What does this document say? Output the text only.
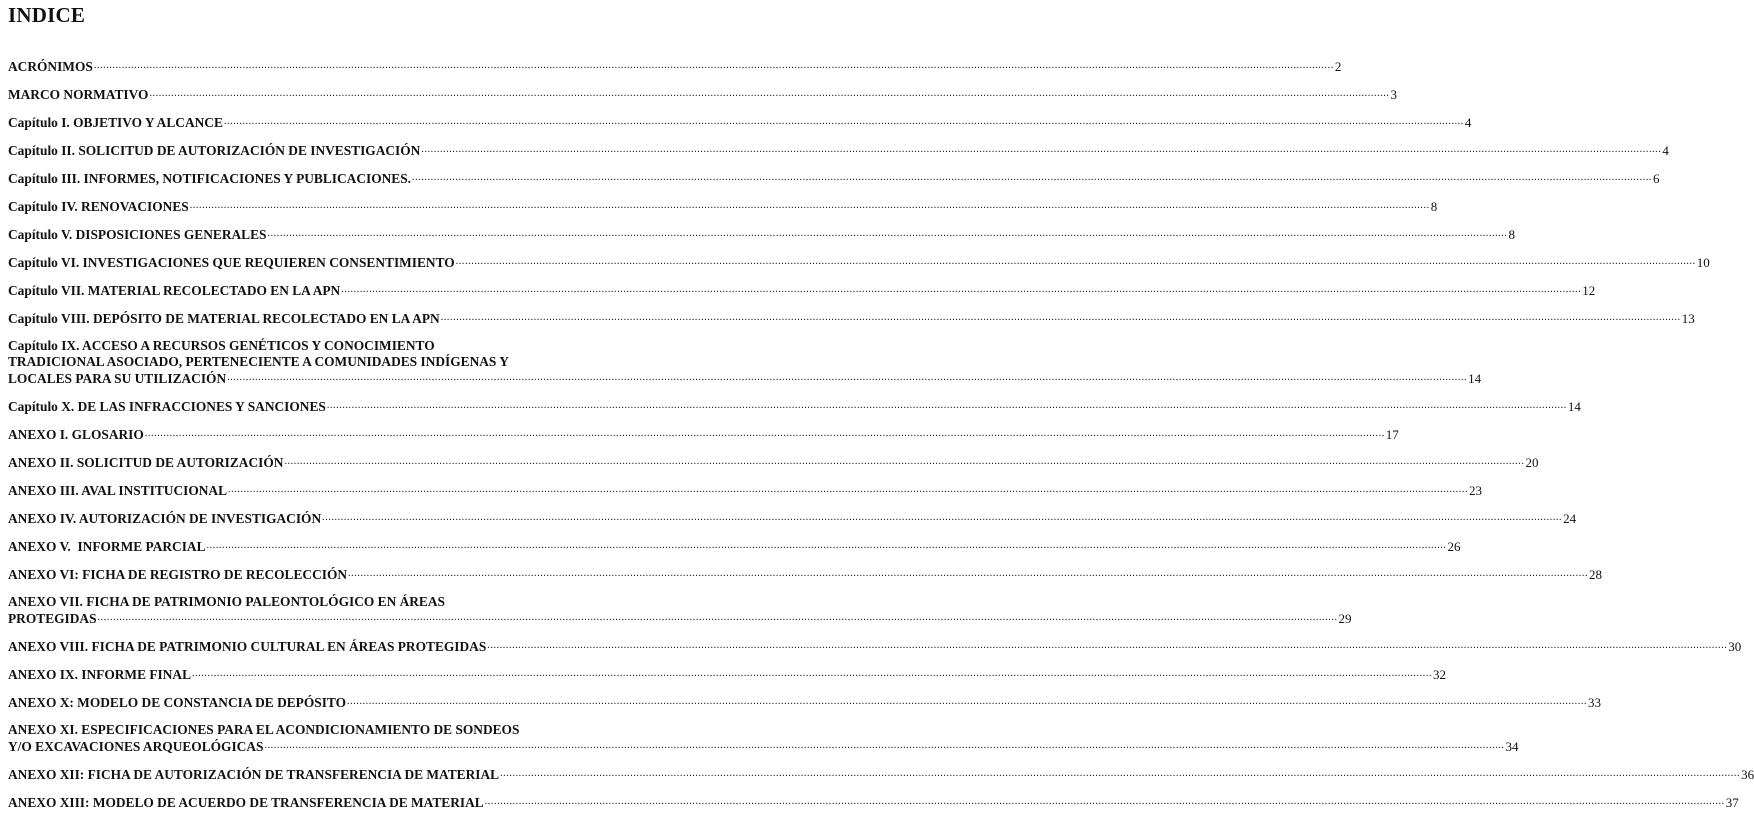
INDICE
ACRÓNIMOS ................................................................................................................................................................................................................................................................................................................................................................................................................ 2
MARCO NORMATIVO ................................................................................................................................................................................................................................................................................................................................................................................................................ 3
Capítulo I. OBJETIVO Y ALCANCE ................................................................................................................................................................................................................................................................................................................................................................................................................ 4
Capítulo II. SOLICITUD DE AUTORIZACIÓN DE INVESTIGACIÓN ................................................................................................................................................................................................................................................................................................................................................................................................................ 4
Capítulo III. INFORMES, NOTIFICACIONES Y PUBLICACIONES. ................................................................................................................................................................................................................................................................................................................................................................................................................ 6
Capítulo IV. RENOVACIONES ................................................................................................................................................................................................................................................................................................................................................................................................................ 8
Capítulo V. DISPOSICIONES GENERALES ................................................................................................................................................................................................................................................................................................................................................................................................................ 8
Capítulo VI. INVESTIGACIONES QUE REQUIEREN CONSENTIMIENTO ................................................................................................................................................................................................................................................................................................................................................................................................................ 10
Capítulo VII. MATERIAL RECOLECTADO EN LA APN ................................................................................................................................................................................................................................................................................................................................................................................................................ 12
Capítulo VIII. DEPÓSITO DE MATERIAL RECOLECTADO EN LA APN ................................................................................................................................................................................................................................................................................................................................................................................................................ 13
Capítulo IX. ACCESO A RECURSOS GENÉTICOS Y CONOCIMIENTO
TRADICIONAL ASOCIADO, PERTENECIENTE A COMUNIDADES INDÍGENAS Y
LOCALES PARA SU UTILIZACIÓN ................................................................................................................................................................................................................................................................................................................................................................................................................ 14
Capítulo X. DE LAS INFRACCIONES Y SANCIONES ................................................................................................................................................................................................................................................................................................................................................................................................................ 14
ANEXO I. GLOSARIO ................................................................................................................................................................................................................................................................................................................................................................................................................ 17
ANEXO II. SOLICITUD DE AUTORIZACIÓN ................................................................................................................................................................................................................................................................................................................................................................................................................ 20
ANEXO III. AVAL INSTITUCIONAL ................................................................................................................................................................................................................................................................................................................................................................................................................ 23
ANEXO IV. AUTORIZACIÓN DE INVESTIGACIÓN ................................................................................................................................................................................................................................................................................................................................................................................................................ 24
ANEXO V.  INFORME PARCIAL ................................................................................................................................................................................................................................................................................................................................................................................................................ 26
ANEXO VI: FICHA DE REGISTRO DE RECOLECCIÓN ................................................................................................................................................................................................................................................................................................................................................................................................................ 28
ANEXO VII. FICHA DE PATRIMONIO PALEONTOLÓGICO EN ÁREAS
PROTEGIDAS ................................................................................................................................................................................................................................................................................................................................................................................................................ 29
ANEXO VIII. FICHA DE PATRIMONIO CULTURAL EN ÁREAS PROTEGIDAS ................................................................................................................................................................................................................................................................................................................................................................................................................ 30
ANEXO IX. INFORME FINAL ................................................................................................................................................................................................................................................................................................................................................................................................................ 32
ANEXO X: MODELO DE CONSTANCIA DE DEPÓSITO ................................................................................................................................................................................................................................................................................................................................................................................................................ 33
ANEXO XI. ESPECIFICACIONES PARA EL ACONDICIONAMIENTO DE SONDEOS
Y/O EXCAVACIONES ARQUEOLÓGICAS ................................................................................................................................................................................................................................................................................................................................................................................................................ 34
ANEXO XII: FICHA DE AUTORIZACIÓN DE TRANSFERENCIA DE MATERIAL ................................................................................................................................................................................................................................................................................................................................................................................................................ 36
ANEXO XIII: MODELO DE ACUERDO DE TRANSFERENCIA DE MATERIAL ................................................................................................................................................................................................................................................................................................................................................................................................................ 37
